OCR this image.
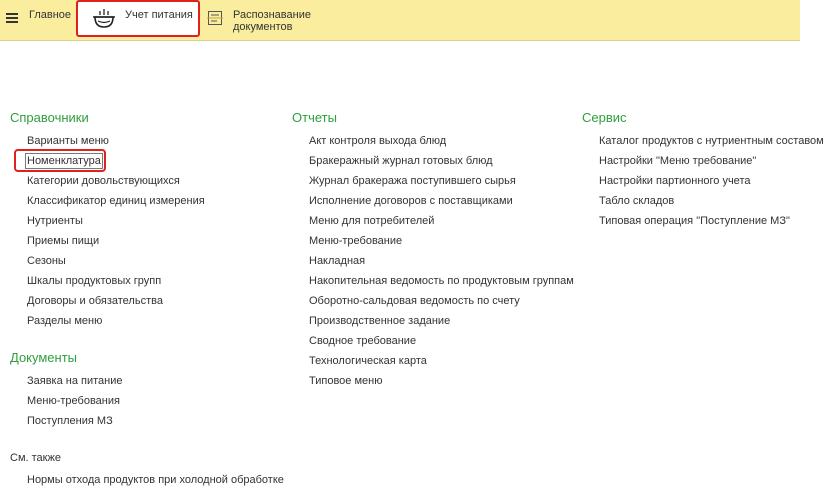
Главное	Учет питания	Распознавание
документов
Справочники
Варианты меню
Номенклатура
Категории довольствующихся
Классификатор единиц измерения
Нутриенты
Приемы пищи
Сезоны
Шкалы продуктовых групп
Договоры и обязательства
Разделы меню
Документы
Заявка на питание
Меню-требования
Поступления МЗ
См. также
Нормы отхода продуктов при холодной обработке
Отчеты
Акт контроля выхода блюд
Бракеражный журнал готовых блюд
Журнал бракеража поступившего сырья
Исполнение договоров с поставщиками
Меню для потребителей
Меню-требование
Накладная
Накопительная ведомость по продуктовым группам
Оборотно-сальдовая ведомость по счету
Производственное задание
Сводное требование
Технологическая карта
Типовое меню
Сервис
Каталог продуктов с нутриентным составом
Настройки "Меню требование"
Настройки партионного учета
Табло складов
Типовая операция "Поступление МЗ"
